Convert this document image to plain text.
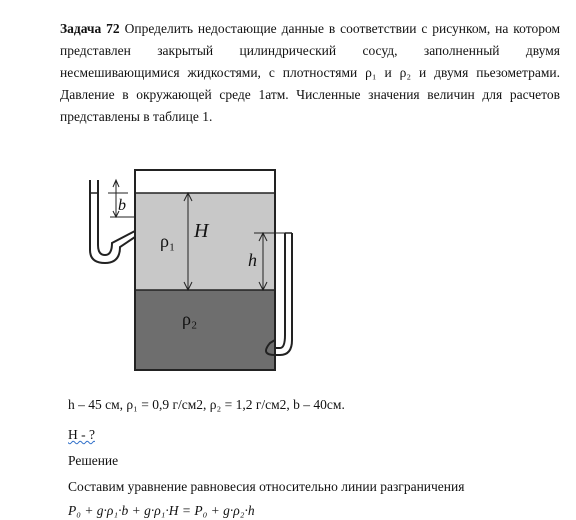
Задача 72 Определить недостающие данные в соответствии с рисунком, на котором представлен закрытый цилиндрический сосуд, заполненный двумя несмешивающимися жидкостями, с плотностями ρ₁ и ρ₂ и двумя пьезометрами. Давление в окружающей среде 1атм. Численные значения величин для расчетов представлены в таблице 1.
b
H
ρ₁
ρ₂
h
h – 45 см, ρ₁ = 0,9 г/см2, ρ₂ = 1,2 г/см2, b – 40см.
H - ?
Решение
Составим уравнение равновесия относительно линии разграничения
P₀ + g·ρ₁·b + g·ρ₁·H = P₀ + g·ρ₂·h
